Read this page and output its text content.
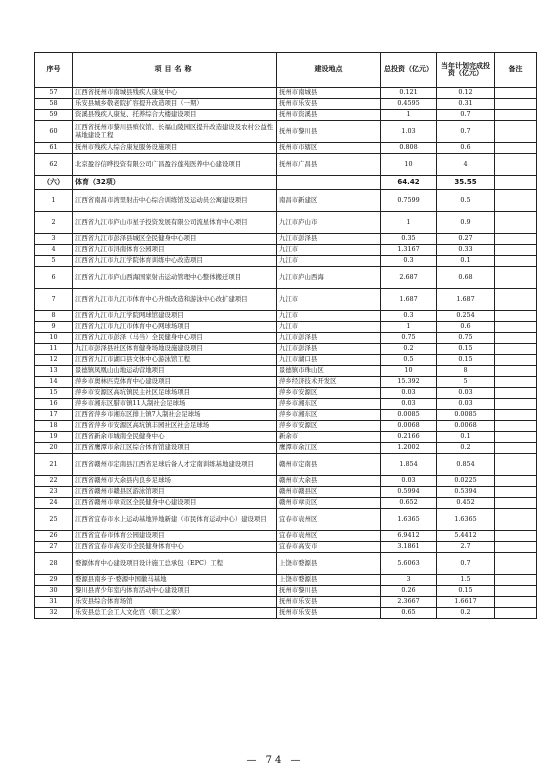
序号	项目名称	建设地点	总投资（亿元）	当年计划完成投资（亿元）	备注
57	江西省抚州市南城县残疾人康复中心	抚州市南城县	0.121	0.12	
58	乐安县城乡敬老院扩容提升改造项目（一期）	抚州市乐安县	0.4595	0.31	
59	资溪县残疾人康复、托养综合大楼建设项目	抚州市资溪县	1	0.7	
60	江西省抚州市黎川县殡仪馆、长福山陵园区提升改造建设及农村公益性基地建设工程	抚州市黎川县	1.03	0.7	
61	抚州市残疾人综合康复服务设施项目	抚州市市辖区	0.808	0.6	
62	北京盈谷信晔投资有限公司广昌盈谷莲苑医养中心建设项目	抚州市广昌县	10	4	
（六）	体育（32项）		64.42	35.55	
1	江西省南昌市湾里射击中心综合训练馆及运动员公寓建设项目	南昌市新建区	0.7599	0.5	
2	江西省九江市庐山市星子投资发展有限公司流星体育中心项目	九江市庐山市	1	0.9	
3	江西省九江市彭泽县城区全民健身中心项目	九江市彭泽县	0.35	0.27	
4	江西省九江市浔南体育公园项目	九江市	1.3167	0.33	
5	江西省九江市九江学院体育训练中心改造项目	九江市	0.3	0.1	
6	江西省九江市庐山西海国家射击运动管理中心整体搬迁项目	九江市庐山西海	2.687	0.68	
7	江西省九江市九江市体育中心升级改造和游泳中心改扩建项目	九江市	1.687	1.687	
8	江西省九江市九江学院网球馆建设项目	九江市	0.3	0.254	
9	江西省九江市九江市体育中心网球场项目	九江市	1	0.6	
10	江西省九江市彭泽（马当）全民健身中心项目	九江市彭泽县	0.75	0.75	
11	九江市彭泽县社区体育健身场地设施建设项目	九江市彭泽县	0.2	0.15	
12	江西省九江市湖口县文体中心游泳馆工程	九江市湖口县	0.5	0.15	
13	景德镇凤凰山山地运动营地项目	景德镇市珠山区	10	8	
14	萍乡市奥林匹克体育中心建设项目	萍乡经济技术开发区	15.392	5	
15	萍乡市安源区高坑镇民主社区足球场项目	萍乡市安源区	0.03	0.03	
16	萍乡市湘东区腊市镇11人制社会足球场	萍乡市湘东区	0.03	0.03	
17	江西省萍乡市湘东区排上镇7人制社会足球场	萍乡市湘东区	0.0085	0.0085	
18	江西省萍乡市安源区高坑镇丰园社区社会足球场	萍乡市安源区	0.0068	0.0068	
19	江西省新余市城南全民健身中心	新余市	0.2166	0.1	
20	江西省鹰潭市余江区综合体育馆建设项目	鹰潭市余江区	1.2002	0.2	
21	江西省赣州市定南县江西省足球后备人才定南训练基地建设项目	赣州市定南县	1.854	0.854	
22	江西省赣州市大余县内良乡足球场	赣州市大余县	0.03	0.0225	
23	江西省赣州市赣县区游泳馆项目	赣州市赣县区	0.5994	0.5394	
24	江西省赣州市章贡区全民健身中心建设项目	赣州市章贡区	0.652	0.452	
25	江西省宜春市水上运动基地异地新建（市民体育运动中心）建设项目	宜春市袁州区	1.6365	1.6365	
26	江西省宜春市体育公园建设项目	宜春市袁州区	6.9412	5.4412	
27	江西省宜春市高安市全民健身体育中心	宜春市高安市	3.1861	2.7	
28	婺源体育中心建设项目设计施工总承包（EPC）工程	上饶市婺源县	5.6063	0.7	
29	婺源县南乡子·婺源中国徽马基地	上饶市婺源县	3	1.5	
30	黎川县青少年室内体育活动中心建设项目	抚州市黎川县	0.26	0.15	
31	乐安县综合体育场馆	抚州市乐安县	2.3667	1.6617	
32	乐安县总工会工人文化宫（职工之家）	抚州市乐安县	0.65	0.2	
— 74 —
